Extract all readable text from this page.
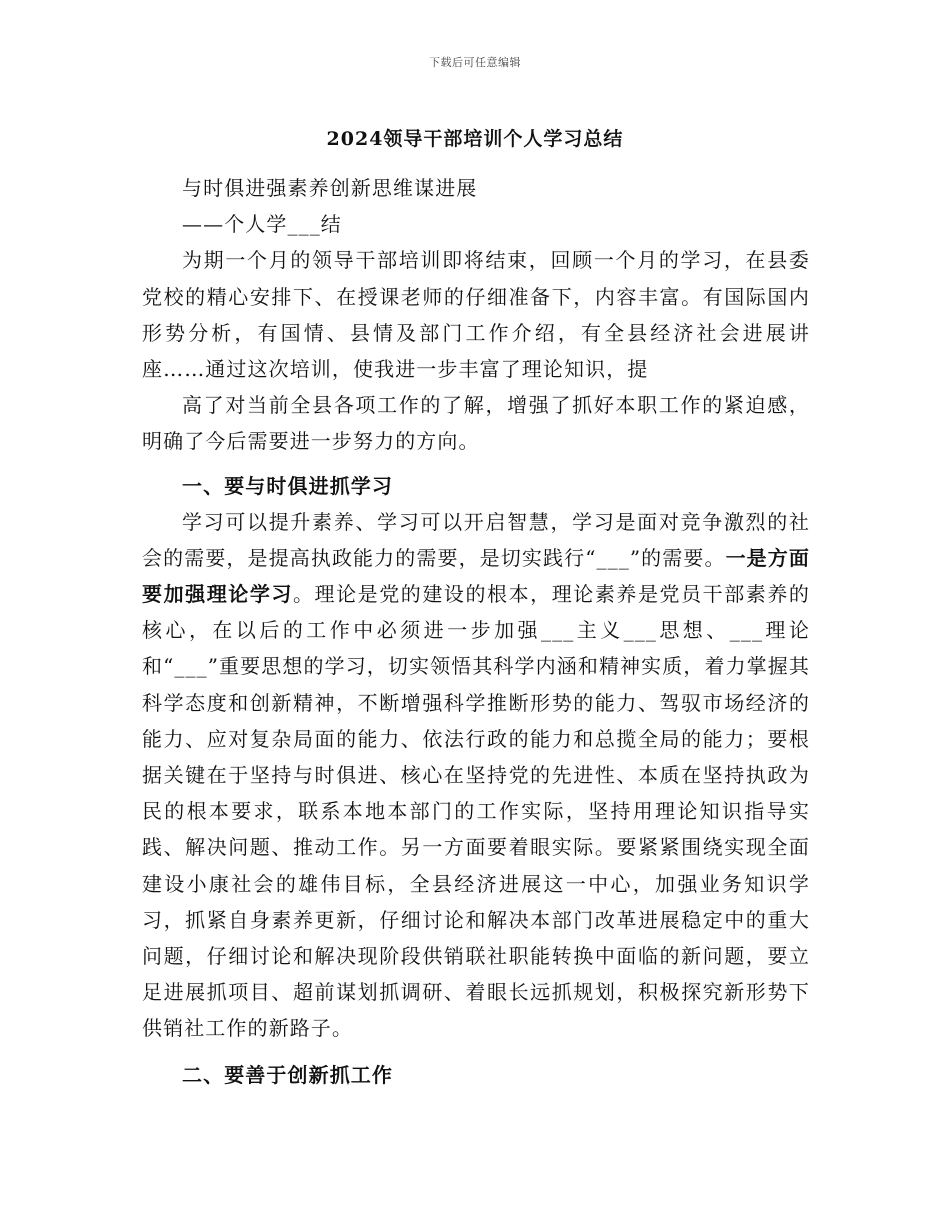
下载后可任意编辑
2024领导干部培训个人学习总结

与时俱进强素养创新思维谋进展

——个人学___结

为期一个月的领导干部培训即将结束，回顾一个月的学习，在县委党校的精心安排下、在授课老师的仔细准备下，内容丰富。有国际国内形势分析，有国情、县情及部门工作介绍，有全县经济社会进展讲座……通过这次培训，使我进一步丰富了理论知识，提

高了对当前全县各项工作的了解，增强了抓好本职工作的紧迫感，明确了今后需要进一步努力的方向。

一、要与时俱进抓学习

学习可以提升素养、学习可以开启智慧，学习是面对竞争激烈的社会的需要，是提高执政能力的需要，是切实践行“___”的需要。一是方面要加强理论学习。理论是党的建设的根本，理论素养是党员干部素养的核心，在以后的工作中必须进一步加强___主义___思想、___理论和“___”重要思想的学习，切实领悟其科学内涵和精神实质，着力掌握其科学态度和创新精神，不断增强科学推断形势的能力、驾驭市场经济的能力、应对复杂局面的能力、依法行政的能力和总揽全局的能力；要根据关键在于坚持与时俱进、核心在坚持党的先进性、本质在坚持执政为民的根本要求，联系本地本部门的工作实际，坚持用理论知识指导实践、解决问题、推动工作。另一方面要着眼实际。要紧紧围绕实现全面建设小康社会的雄伟目标，全县经济进展这一中心，加强业务知识学习，抓紧自身素养更新，仔细讨论和解决本部门改革进展稳定中的重大问题，仔细讨论和解决现阶段供销联社职能转换中面临的新问题，要立足进展抓项目、超前谋划抓调研、着眼长远抓规划，积极探究新形势下供销社工作的新路子。

二、要善于创新抓工作
